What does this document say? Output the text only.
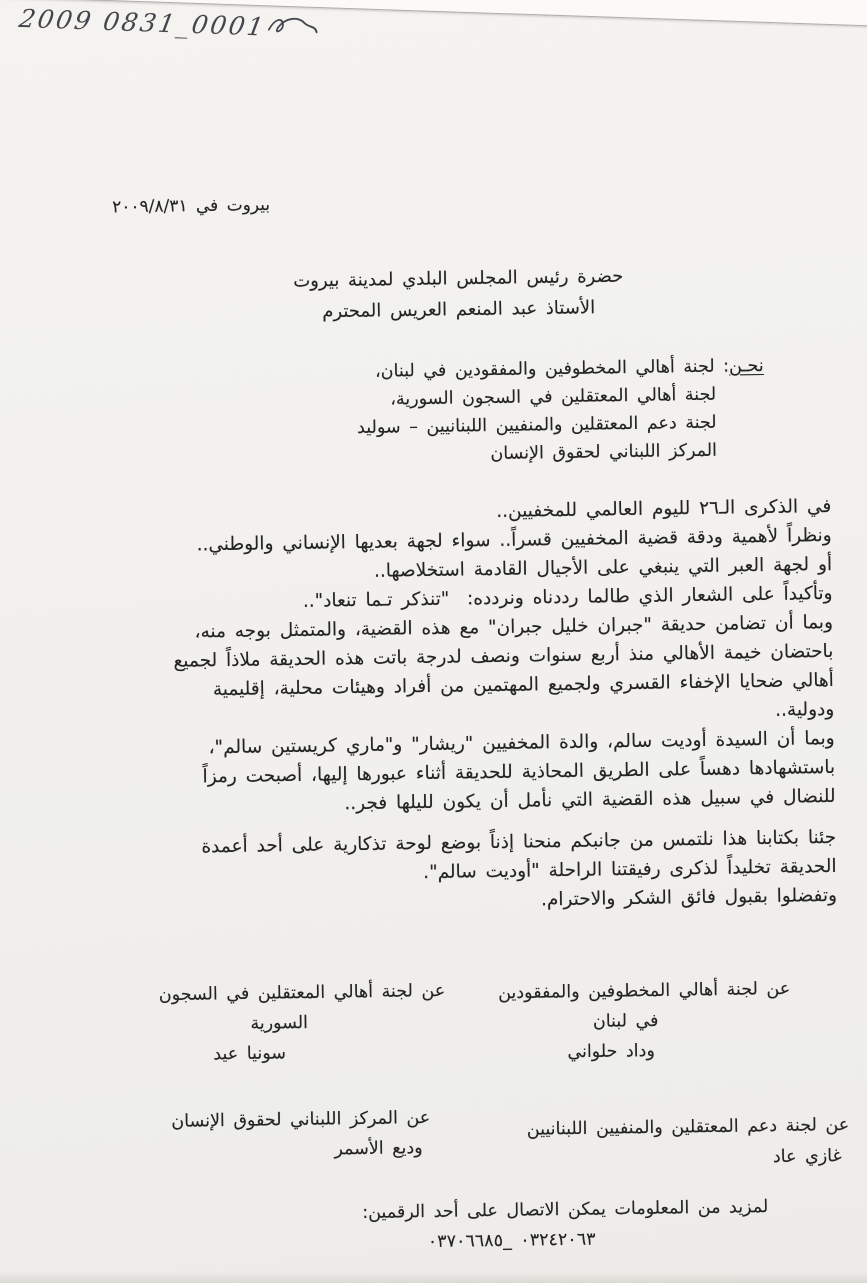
2009 0831_0001
بيروت في ٢٠٠٩/٨/٣١
حضرة رئيس المجلس البلدي لمدينة بيروت
الأستاذ عبد المنعم العريس المحترم
نحـن: لجنة أهالي المخطوفين والمفقودين في لبنان،
لجنة أهالي المعتقلين في السجون السورية،
لجنة دعم المعتقلين والمنفيين اللبنانيين – سوليد
المركز اللبناني لحقوق الإنسان
في الذكرى الـ٢٦ لليوم العالمي للمخفيين..
ونظراً لأهمية ودقة قضية المخفيين قسراً.. سواء لجهة بعديها الإنساني والوطني..
أو لجهة العبر التي ينبغي على الأجيال القادمة استخلاصها..
وتأكيداً على الشعار الذي طالما رددناه ونردده:  "تنذكر تـما تنعاد"..
وبما أن تضامن حديقة "جبران خليل جبران" مع هذه القضية، والمتمثل بوجه منه،
باحتضان خيمة الأهالي منذ أربع سنوات ونصف لدرجة باتت هذه الحديقة ملاذاً لجميع
أهالي ضحايا الإخفاء القسري ولجميع المهتمين من أفراد وهيئات محلية، إقليمية
ودولية..
وبما أن السيدة أوديت سالم، والدة المخفيين "ريشار" و"ماري كريستين سالم"،
باستشهادها دهساً على الطريق المحاذية للحديقة أثناء عبورها إليها، أصبحت رمزاً
للنضال في سبيل هذه القضية التي نأمل أن يكون لليلها فجر..
جئنا بكتابنا هذا نلتمس من جانبكم منحنا إذناً بوضع لوحة تذكارية على أحد أعمدة
الحديقة تخليداً لذكرى رفيقتنا الراحلة "أوديت سالم".
وتفضلوا بقبول فائق الشكر والاحترام.
عن لجنة أهالي المخطوفين والمفقودين
في لبنان
وداد حلواني
عن لجنة أهالي المعتقلين في السجون
السورية
سونيا عيد
عن لجنة دعم المعتقلين والمنفيين اللبنانيين
غازي عاد
عن المركز اللبناني لحقوق الإنسان
وديع الأسمر
لمزيد من المعلومات يمكن الاتصال على أحد الرقمين:
٠٣٢٤٢٠٦٣ _٠٣٧٠٦٦٨٥
